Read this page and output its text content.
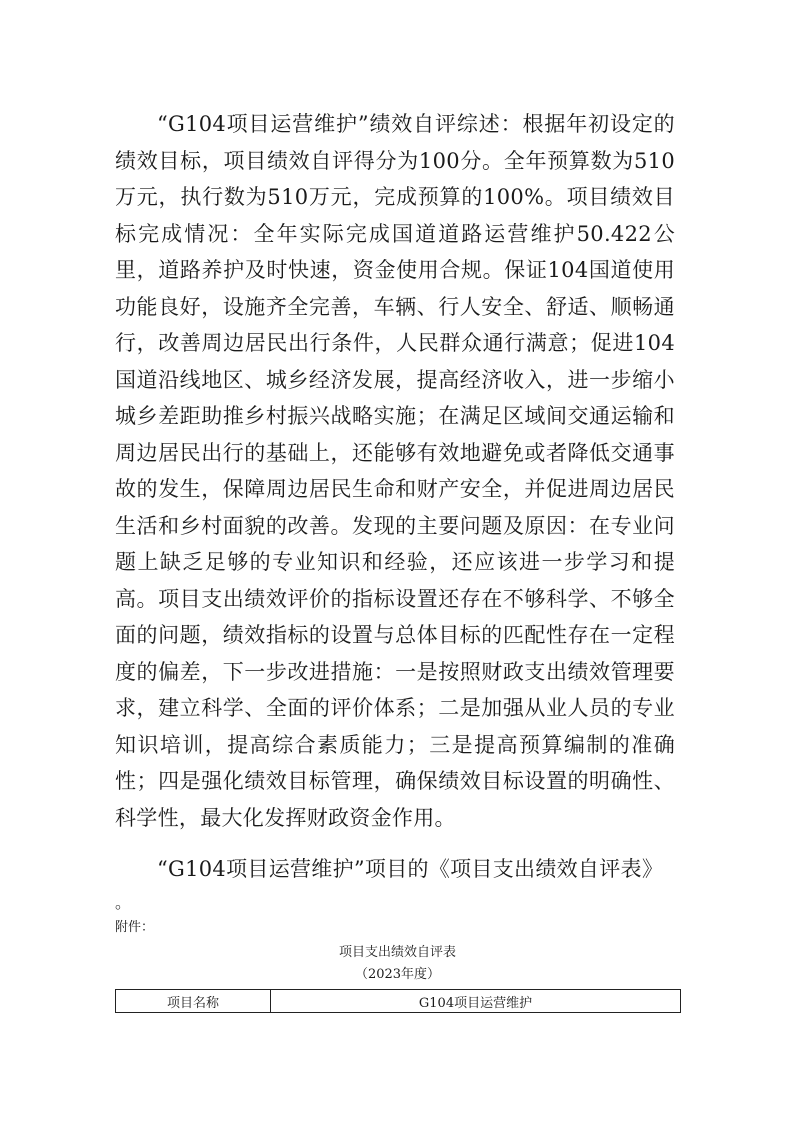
“G104项目运营维护”绩效自评综述：根据年初设定的绩效目标，项目绩效自评得分为100分。全年预算数为510万元，执行数为510万元，完成预算的100%。项目绩效目标完成情况：全年实际完成国道道路运营维护50.422公里，道路养护及时快速，资金使用合规。保证104国道使用功能良好，设施齐全完善，车辆、行人安全、舒适、顺畅通行，改善周边居民出行条件，人民群众通行满意；促进104国道沿线地区、城乡经济发展，提高经济收入，进一步缩小城乡差距助推乡村振兴战略实施；在满足区域间交通运输和周边居民出行的基础上，还能够有效地避免或者降低交通事故的发生，保障周边居民生命和财产安全，并促进周边居民生活和乡村面貌的改善。发现的主要问题及原因：在专业问题上缺乏足够的专业知识和经验，还应该进一步学习和提高。项目支出绩效评价的指标设置还存在不够科学、不够全面的问题，绩效指标的设置与总体目标的匹配性存在一定程度的偏差，下一步改进措施：一是按照财政支出绩效管理要求，建立科学、全面的评价体系；二是加强从业人员的专业知识培训，提高综合素质能力；三是提高预算编制的准确性；四是强化绩效目标管理，确保绩效目标设置的明确性、科学性，最大化发挥财政资金作用。

“G104项目运营维护”项目的《项目支出绩效自评表》

。

附件：

项目支出绩效自评表

（2023年度）

项目名称	G104项目运营维护
